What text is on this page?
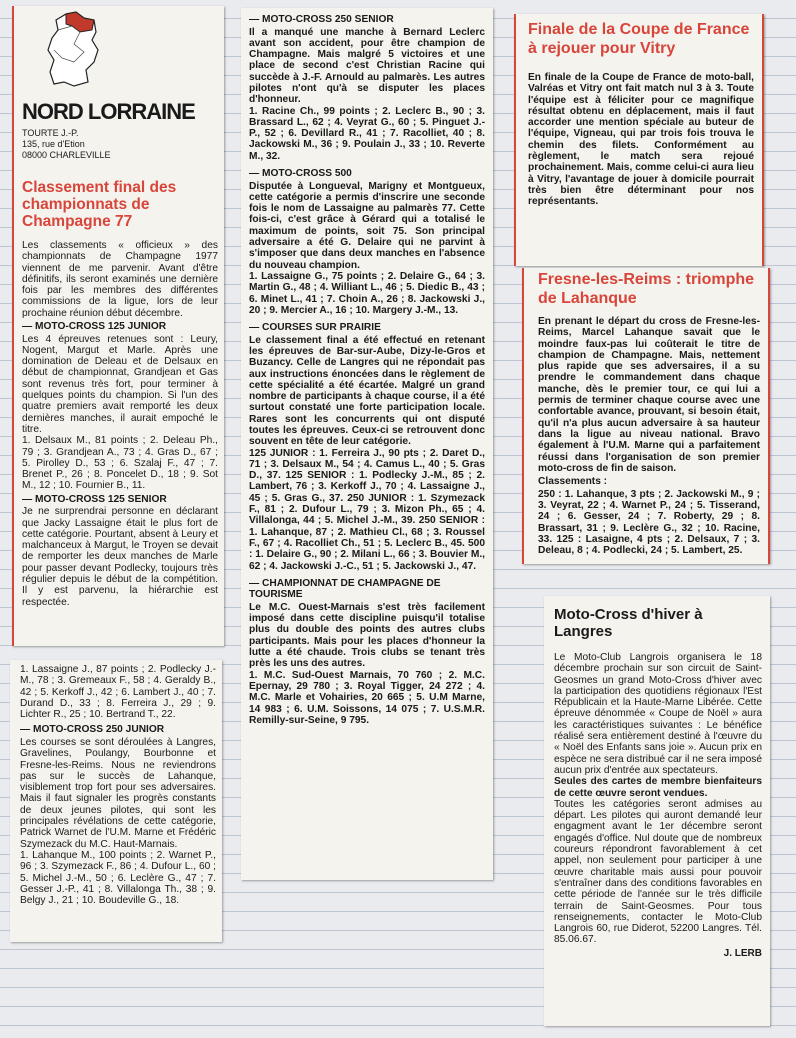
NORD LORRAINE
TOURTE J.-P.
135, rue d'Etion
08000 CHARLEVILLE
Classement final des championnats de Champagne 77

Les classements « officieux » des championnats de Champagne 1977 viennent de me parvenir. Avant d'être définitifs, ils seront examinés une dernière fois par les membres des différentes commissions de la ligue, lors de leur prochaine réunion début décembre.

— MOTO-CROSS 125 JUNIOR

Les 4 épreuves retenues sont : Leury, Nogent, Margut et Marle. Après une domination de Deleau et de Delsaux en début de championnat, Grandjean et Gas sont revenus très fort, pour terminer à quelques points du champion. Si l'un des quatre premiers avait remporté les deux dernières manches, il aurait empoché le titre.

1. Delsaux M., 81 points ; 2. Deleau Ph., 79 ; 3. Grandjean A., 73 ; 4. Gras D., 67 ; 5. Pirolley D., 53 ; 6. Szalaj F., 47 ; 7. Brenet P., 26 ; 8. Poncelet D., 18 ; 9. Sot M., 12 ; 10. Fournier B., 11.

— MOTO-CROSS 125 SENIOR

Je ne surprendrai personne en déclarant que Jacky Lassaigne était le plus fort de cette catégorie. Pourtant, absent à Leury et malchanceux à Margut, le Troyen se devait de remporter les deux manches de Marle pour passer devant Podlecky, toujours très régulier depuis le début de la compétition. Il y est parvenu, la hiérarchie est respectée.

1. Lassaigne J., 87 points ; 2. Podlecky J.-M., 78 ; 3. Gremeaux F., 58 ; 4. Geraldy B., 42 ; 5. Kerkoff J., 42 ; 6. Lambert J., 40 ; 7. Durand D., 33 ; 8. Ferreira J., 29 ; 9. Lichter R., 25 ; 10. Bertrand T., 22.

— MOTO-CROSS 250 JUNIOR

Les courses se sont déroulées à Langres, Gravelines, Poulangy, Bourbonne et Fresne-les-Reims. Nous ne reviendrons pas sur le succès de Lahanque, visiblement trop fort pour ses adversaires. Mais il faut signaler les progrès constants de deux jeunes pilotes, qui sont les principales révélations de cette catégorie, Patrick Warnet de l'U.M. Marne et Frédéric Szymezack du M.C. Haut-Marnais.

1. Lahanque M., 100 points ; 2. Warnet P., 96 ; 3. Szymezack F., 86 ; 4. Dufour L., 60 ; 5. Michel J.-M., 50 ; 6. Leclère G., 47 ; 7. Gesser J.-P., 41 ; 8. Villalonga Th., 38 ; 9. Belgy J., 21 ; 10. Boudeville G., 18.

— MOTO-CROSS 250 SENIOR

Il a manqué une manche à Bernard Leclerc avant son accident, pour être champion de Champagne. Mais malgré 5 victoires et une place de second c'est Christian Racine qui succède à J.-F. Arnould au palmarès. Les autres pilotes n'ont qu'à se disputer les places d'honneur.

1. Racine Ch., 99 points ; 2. Leclerc B., 90 ; 3. Brassard L., 62 ; 4. Veyrat G., 60 ; 5. Pinguet J.-P., 52 ; 6. Devillard R., 41 ; 7. Racolliet, 40 ; 8. Jackowski M., 36 ; 9. Poulain J., 33 ; 10. Reverte M., 32.

— MOTO-CROSS 500

Disputée à Longueval, Marigny et Montgueux, cette catégorie a permis d'inscrire une seconde fois le nom de Lassaigne au palmarès 77. Cette fois-ci, c'est grâce à Gérard qui a totalisé le maximum de points, soit 75. Son principal adversaire a été G. Delaire qui ne parvint à s'imposer que dans deux manches en l'absence du nouveau champion.

1. Lassaigne G., 75 points ; 2. Delaire G., 64 ; 3. Martin G., 48 ; 4. Williant L., 46 ; 5. Diedic B., 43 ; 6. Minet L., 41 ; 7. Choin A., 26 ; 8. Jackowski J., 20 ; 9. Mercier A., 16 ; 10. Margery J.-M., 13.

— COURSES SUR PRAIRIE

Le classement final a été effectué en retenant les épreuves de Bar-sur-Aube, Dizy-le-Gros et Buzancy. Celle de Langres qui ne répondait pas aux instructions énoncées dans le règlement de cette spécialité a été écartée. Malgré un grand nombre de participants à chaque course, il a été surtout constaté une forte participation locale. Rares sont les concurrents qui ont disputé toutes les épreuves. Ceux-ci se retrouvent donc souvent en tête de leur catégorie.

125 JUNIOR : 1. Ferreira J., 90 pts ; 2. Daret D., 71 ; 3. Delsaux M., 54 ; 4. Camus L., 40 ; 5. Gras D., 37. 125 SENIOR : 1. Podlecky J.-M., 85 ; 2. Lambert, 76 ; 3. Kerkoff J., 70 ; 4. Lassaigne J., 45 ; 5. Gras G., 37. 250 JUNIOR : 1. Szymezack F., 81 ; 2. Dufour L., 79 ; 3. Mizon Ph., 65 ; 4. Villalonga, 44 ; 5. Michel J.-M., 39. 250 SENIOR : 1. Lahanque, 87 ; 2. Mathieu Cl., 68 ; 3. Roussel F., 67 ; 4. Racolliet Ch., 51 ; 5. Leclerc B., 45. 500 : 1. Delaire G., 90 ; 2. Milani L., 66 ; 3. Bouvier M., 62 ; 4. Jackowski J.-C., 51 ; 5. Jackowski J., 47.

— CHAMPIONNAT DE CHAMPAGNE DE TOURISME

Le M.C. Ouest-Marnais s'est très facilement imposé dans cette discipline puisqu'il totalise plus du double des points des autres clubs participants. Mais pour les places d'honneur la lutte a été chaude. Trois clubs se tenant très près les uns des autres.

1. M.C. Sud-Ouest Marnais, 70 760 ; 2. M.C. Epernay, 29 780 ; 3. Royal Tigger, 24 272 ; 4. M.C. Marle et Vohairies, 20 665 ; 5. U.M Marne, 14 983 ; 6. U.M. Soissons, 14 075 ; 7. U.S.M.R. Remilly-sur-Seine, 9 795.

Finale de la Coupe de France à rejouer pour Vitry

En finale de la Coupe de France de moto-ball, Valréas et Vitry ont fait match nul 3 à 3. Toute l'équipe est à féliciter pour ce magnifique résultat obtenu en déplacement, mais il faut accorder une mention spéciale au buteur de l'équipe, Vigneau, qui par trois fois trouva le chemin des filets. Conformément au règlement, le match sera rejoué prochainement. Mais, comme celui-ci aura lieu à Vitry, l'avantage de jouer à domicile pourrait très bien être déterminant pour nos représentants.

Fresne-les-Reims : triomphe de Lahanque

En prenant le départ du cross de Fresne-les-Reims, Marcel Lahanque savait que le moindre faux-pas lui coûterait le titre de champion de Champagne. Mais, nettement plus rapide que ses adversaires, il a su prendre le commandement dans chaque manche, dès le premier tour, ce qui lui a permis de terminer chaque course avec une confortable avance, prouvant, si besoin était, qu'il n'a plus aucun adversaire à sa hauteur dans la ligue au niveau national. Bravo également à l'U.M. Marne qui a parfaitement réussi dans l'organisation de son premier moto-cross de fin de saison.

Classements :

250 : 1. Lahanque, 3 pts ; 2. Jackowski M., 9 ; 3. Veyrat, 22 ; 4. Warnet P., 24 ; 5. Tisserand, 24 ; 6. Gesser, 24 ; 7. Roberty, 29 ; 8. Brassart, 31 ; 9. Leclère G., 32 ; 10. Racine, 33. 125 : Lasaigne, 4 pts ; 2. Delsaux, 7 ; 3. Deleau, 8 ; 4. Podlecki, 24 ; 5. Lambert, 25.

Moto-Cross d'hiver à Langres

Le Moto-Club Langrois organisera le 18 décembre prochain sur son circuit de Saint-Geosmes un grand Moto-Cross d'hiver avec la participation des quotidiens régionaux l'Est Républicain et la Haute-Marne Libérée. Cette épreuve dénommée « Coupe de Noël » aura les caractéristiques suivantes : Le bénéfice réalisé sera entièrement destiné à l'œuvre du « Noël des Enfants sans joie ». Aucun prix en espèce ne sera distribué car il ne sera imposé aucun prix d'entrée aux spectateurs.

Seules des cartes de membre bienfaiteurs de cette œuvre seront vendues.

Toutes les catégories seront admises au départ. Les pilotes qui auront demandé leur engagment avant le 1er décembre seront engagés d'office. Nul doute que de nombreux coureurs répondront favorablement à cet appel, non seulement pour participer à une œuvre charitable mais aussi pour pouvoir s'entraîner dans des conditions favorables en cette période de l'année sur le très difficile terrain de Saint-Geosmes. Pour tous renseignements, contacter le Moto-Club Langrois 60, rue Diderot, 52200 Langres. Tél. 85.06.67.

J. LERB
